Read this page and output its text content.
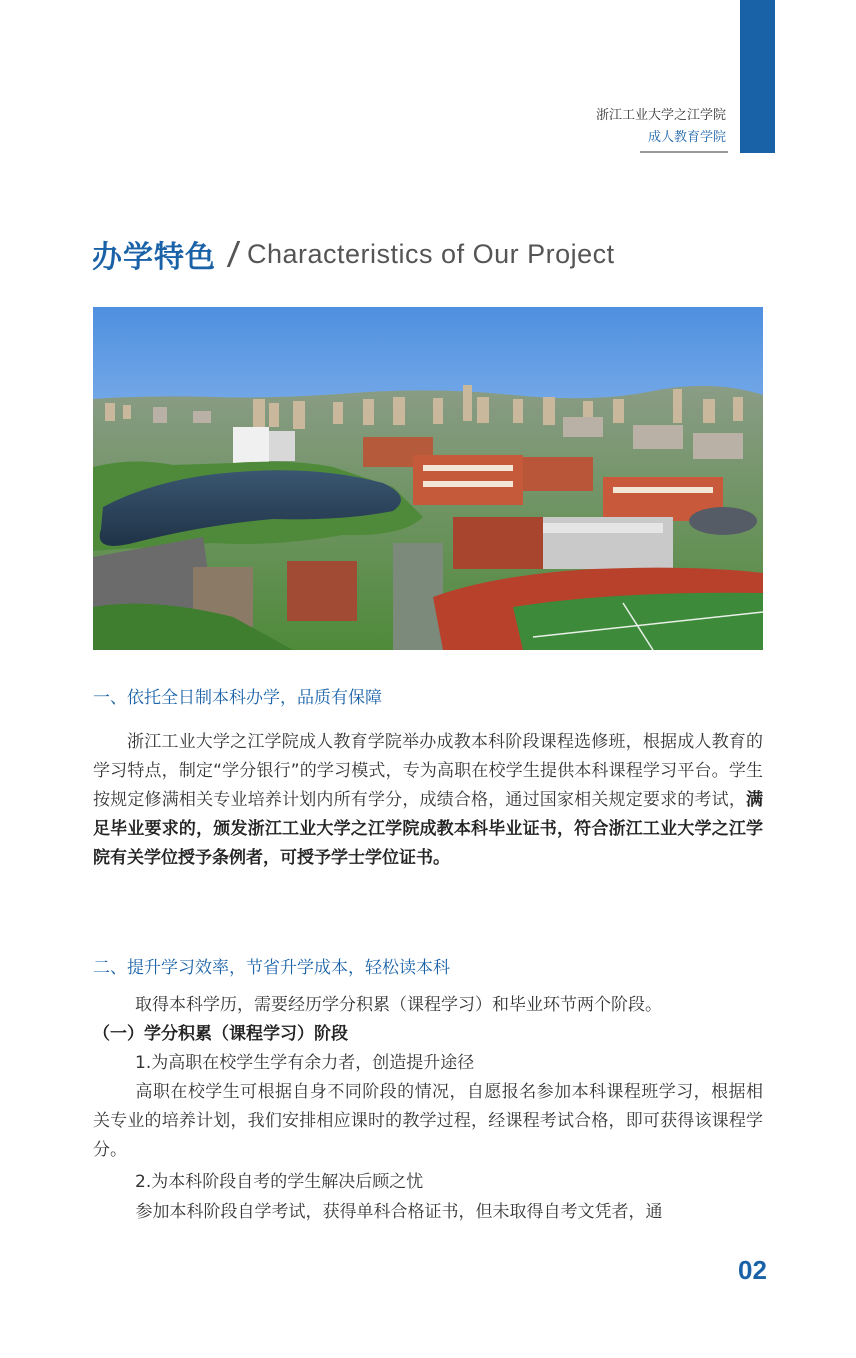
浙江工业大学之江学院
成人教育学院
办学特色 Characteristics of Our Project
一、依托全日制本科办学，品质有保障

浙江工业大学之江学院成人教育学院举办成教本科阶段课程选修班，根据成人教育的学习特点，制定“学分银行”的学习模式，专为高职在校学生提供本科课程学习平台。学生按规定修满相关专业培养计划内所有学分，成绩合格，通过国家相关规定要求的考试，满足毕业要求的，颁发浙江工业大学之江学院成教本科毕业证书，符合浙江工业大学之江学院有关学位授予条例者，可授予学士学位证书。

二、提升学习效率，节省升学成本，轻松读本科
取得本科学历，需要经历学分积累（课程学习）和毕业环节两个阶段。
（一）学分积累（课程学习）阶段
1.为高职在校学生学有余力者，创造提升途径

高职在校学生可根据自身不同阶段的情况，自愿报名参加本科课程班学习，根据相关专业的培养计划，我们安排相应课时的教学过程，经课程考试合格，即可获得该课程学分。

2.为本科阶段自考的学生解决后顾之忧

参加本科阶段自学考试，获得单科合格证书，但未取得自考文凭者，通

02
